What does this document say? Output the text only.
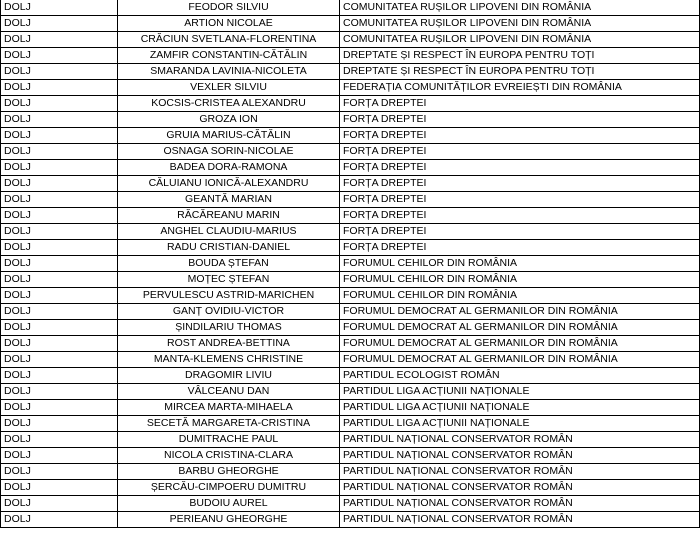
DOLJ	FEODOR SILVIU	COMUNITATEA RUȘILOR LIPOVENI DIN ROMÂNIA
DOLJ	ARTION NICOLAE	COMUNITATEA RUȘILOR LIPOVENI DIN ROMÂNIA
DOLJ	CRĂCIUN SVETLANA-FLORENTINA	COMUNITATEA RUȘILOR LIPOVENI DIN ROMÂNIA
DOLJ	ZAMFIR CONSTANTIN-CĂTĂLIN	DREPTATE ȘI RESPECT ÎN EUROPA PENTRU TOȚI
DOLJ	SMARANDA LAVINIA-NICOLETA	DREPTATE ȘI RESPECT ÎN EUROPA PENTRU TOȚI
DOLJ	VEXLER SILVIU	FEDERAȚIA COMUNITĂȚILOR EVREIEȘTI DIN ROMÂNIA
DOLJ	KOCSIS-CRISTEA ALEXANDRU	FORȚA DREPTEI
DOLJ	GROZA ION	FORȚA DREPTEI
DOLJ	GRUIA MARIUS-CĂTĂLIN	FORȚA DREPTEI
DOLJ	OSNAGA SORIN-NICOLAE	FORȚA DREPTEI
DOLJ	BADEA DORA-RAMONA	FORȚA DREPTEI
DOLJ	CĂLUIANU IONICĂ-ALEXANDRU	FORȚA DREPTEI
DOLJ	GEANTĂ MARIAN	FORȚA DREPTEI
DOLJ	RĂCĂREANU MARIN	FORȚA DREPTEI
DOLJ	ANGHEL CLAUDIU-MARIUS	FORȚA DREPTEI
DOLJ	RADU CRISTIAN-DANIEL	FORȚA DREPTEI
DOLJ	BOUDA ȘTEFAN	FORUMUL CEHILOR DIN ROMÂNIA
DOLJ	MOȚEC ȘTEFAN	FORUMUL CEHILOR DIN ROMÂNIA
DOLJ	PERVULESCU ASTRID-MARICHEN	FORUMUL CEHILOR DIN ROMÂNIA
DOLJ	GANȚ OVIDIU-VICTOR	FORUMUL DEMOCRAT AL GERMANILOR DIN ROMÂNIA
DOLJ	ȘINDILARIU THOMAS	FORUMUL DEMOCRAT AL GERMANILOR DIN ROMÂNIA
DOLJ	ROST ANDREA-BETTINA	FORUMUL DEMOCRAT AL GERMANILOR DIN ROMÂNIA
DOLJ	MANTA-KLEMENS CHRISTINE	FORUMUL DEMOCRAT AL GERMANILOR DIN ROMÂNIA
DOLJ	DRAGOMIR LIVIU	PARTIDUL ECOLOGIST ROMÂN
DOLJ	VÂLCEANU DAN	PARTIDUL LIGA ACȚIUNII NAȚIONALE
DOLJ	MIRCEA MARTA-MIHAELA	PARTIDUL LIGA ACȚIUNII NAȚIONALE
DOLJ	SECETĂ MARGARETA-CRISTINA	PARTIDUL LIGA ACȚIUNII NAȚIONALE
DOLJ	DUMITRACHE PAUL	PARTIDUL NAȚIONAL CONSERVATOR ROMÂN
DOLJ	NICOLA CRISTINA-CLARA	PARTIDUL NAȚIONAL CONSERVATOR ROMÂN
DOLJ	BARBU GHEORGHE	PARTIDUL NAȚIONAL CONSERVATOR ROMÂN
DOLJ	ȘERCĂU-CIMPOERU DUMITRU	PARTIDUL NAȚIONAL CONSERVATOR ROMÂN
DOLJ	BUDOIU AUREL	PARTIDUL NAȚIONAL CONSERVATOR ROMÂN
DOLJ	PERIEANU GHEORGHE	PARTIDUL NAȚIONAL CONSERVATOR ROMÂN
